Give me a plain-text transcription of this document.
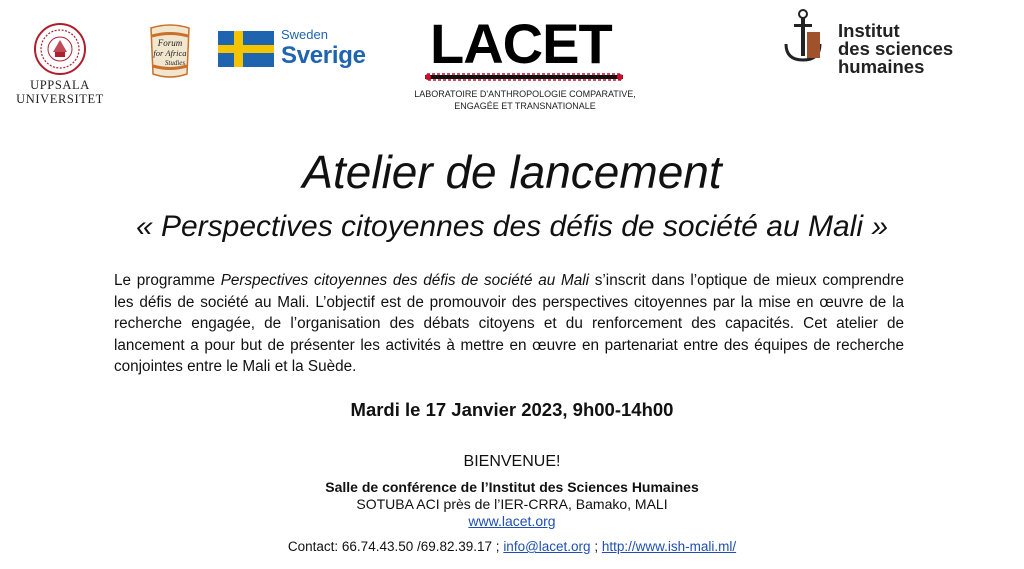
UPPSALA
UNIVERSITET
Forum
for Africa
Studies
Sweden
Sverige LACET
LABORATOIRE D'ANTHROPOLOGIE COMPARATIVE,
ENGAGÉE ET TRANSNATIONALE
Institut
des sciences
humaines
Atelier de lancement
« Perspectives citoyennes des défis de société au Mali »
Le programme Perspectives citoyennes des défis de société au Mali s’inscrit dans l’optique de mieux comprendre les défis de société au Mali. L’objectif est de promouvoir des perspectives citoyennes par la mise en œuvre de la recherche engagée, de l’organisation des débats citoyens et du renforcement des capacités. Cet atelier de lancement a pour but de présenter les activités à mettre en œuvre en partenariat entre des équipes de recherche conjointes entre le Mali et la Suède.
Mardi le 17 Janvier 2023, 9h00-14h00
BIENVENUE!
Salle de conférence de l’Institut des Sciences Humaines
SOTUBA ACI près de l’IER-CRRA, Bamako, MALI
www.lacet.org
Contact: 66.74.43.50 /69.82.39.17 ; info@lacet.org ; http://www.ish-mali.ml/
